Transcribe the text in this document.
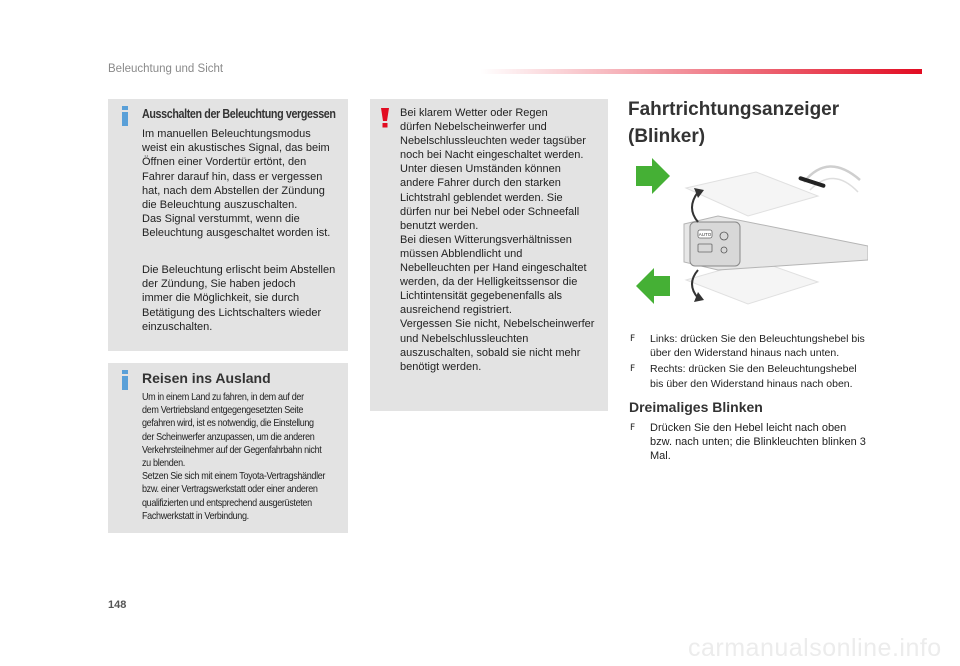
Beleuchtung und Sicht
Ausschalten der Beleuchtung vergessen
Im manuellen Beleuchtungsmodus
weist ein akustisches Signal, das beim
Öffnen einer Vordertür ertönt, den
Fahrer darauf hin, dass er vergessen
hat, nach dem Abstellen der Zündung
die Beleuchtung auszuschalten.
Das Signal verstummt, wenn die
Beleuchtung ausgeschaltet worden ist.
Die Beleuchtung erlischt beim Abstellen
der Zündung, Sie haben jedoch
immer die Möglichkeit, sie durch
Betätigung des Lichtschalters wieder
einzuschalten.
Reisen ins Ausland
Um in einem Land zu fahren, in dem auf der
dem Vertriebsland entgegengesetzten Seite
gefahren wird, ist es notwendig, die Einstellung
der Scheinwerfer anzupassen, um die anderen
Verkehrsteilnehmer auf der Gegenfahrbahn nicht
zu blenden.
Setzen Sie sich mit einem Toyota-Vertragshändler
bzw. einer Vertragswerkstatt oder einer anderen
qualifizierten und entsprechend ausgerüsteten
Fachwerkstatt in Verbindung.
Bei klarem Wetter oder Regen
dürfen Nebelscheinwerfer und
Nebelschlussleuchten weder tagsüber
noch bei Nacht eingeschaltet werden.
Unter diesen Umständen können
andere Fahrer durch den starken
Lichtstrahl geblendet werden. Sie
dürfen nur bei Nebel oder Schneefall
benutzt werden.
Bei diesen Witterungsverhältnissen
müssen Abblendlicht und
Nebelleuchten per Hand eingeschaltet
werden, da der Helligkeitssensor die
Lichtintensität gegebenenfalls als
ausreichend registriert.
Vergessen Sie nicht, Nebelscheinwerfer
und Nebelschlussleuchten
auszuschalten, sobald sie nicht mehr
benötigt werden.
Fahrtrichtungsanzeiger (Blinker)
AUTO
F Links: drücken Sie den Beleuchtungshebel bis über den Widerstand hinaus nach unten.
F Rechts: drücken Sie den Beleuchtungshebel bis über den Widerstand hinaus nach oben.
Dreimaliges Blinken
F Drücken Sie den Hebel leicht nach oben bzw. nach unten; die Blinkleuchten blinken 3 Mal.
148
carmanualsonline.info
